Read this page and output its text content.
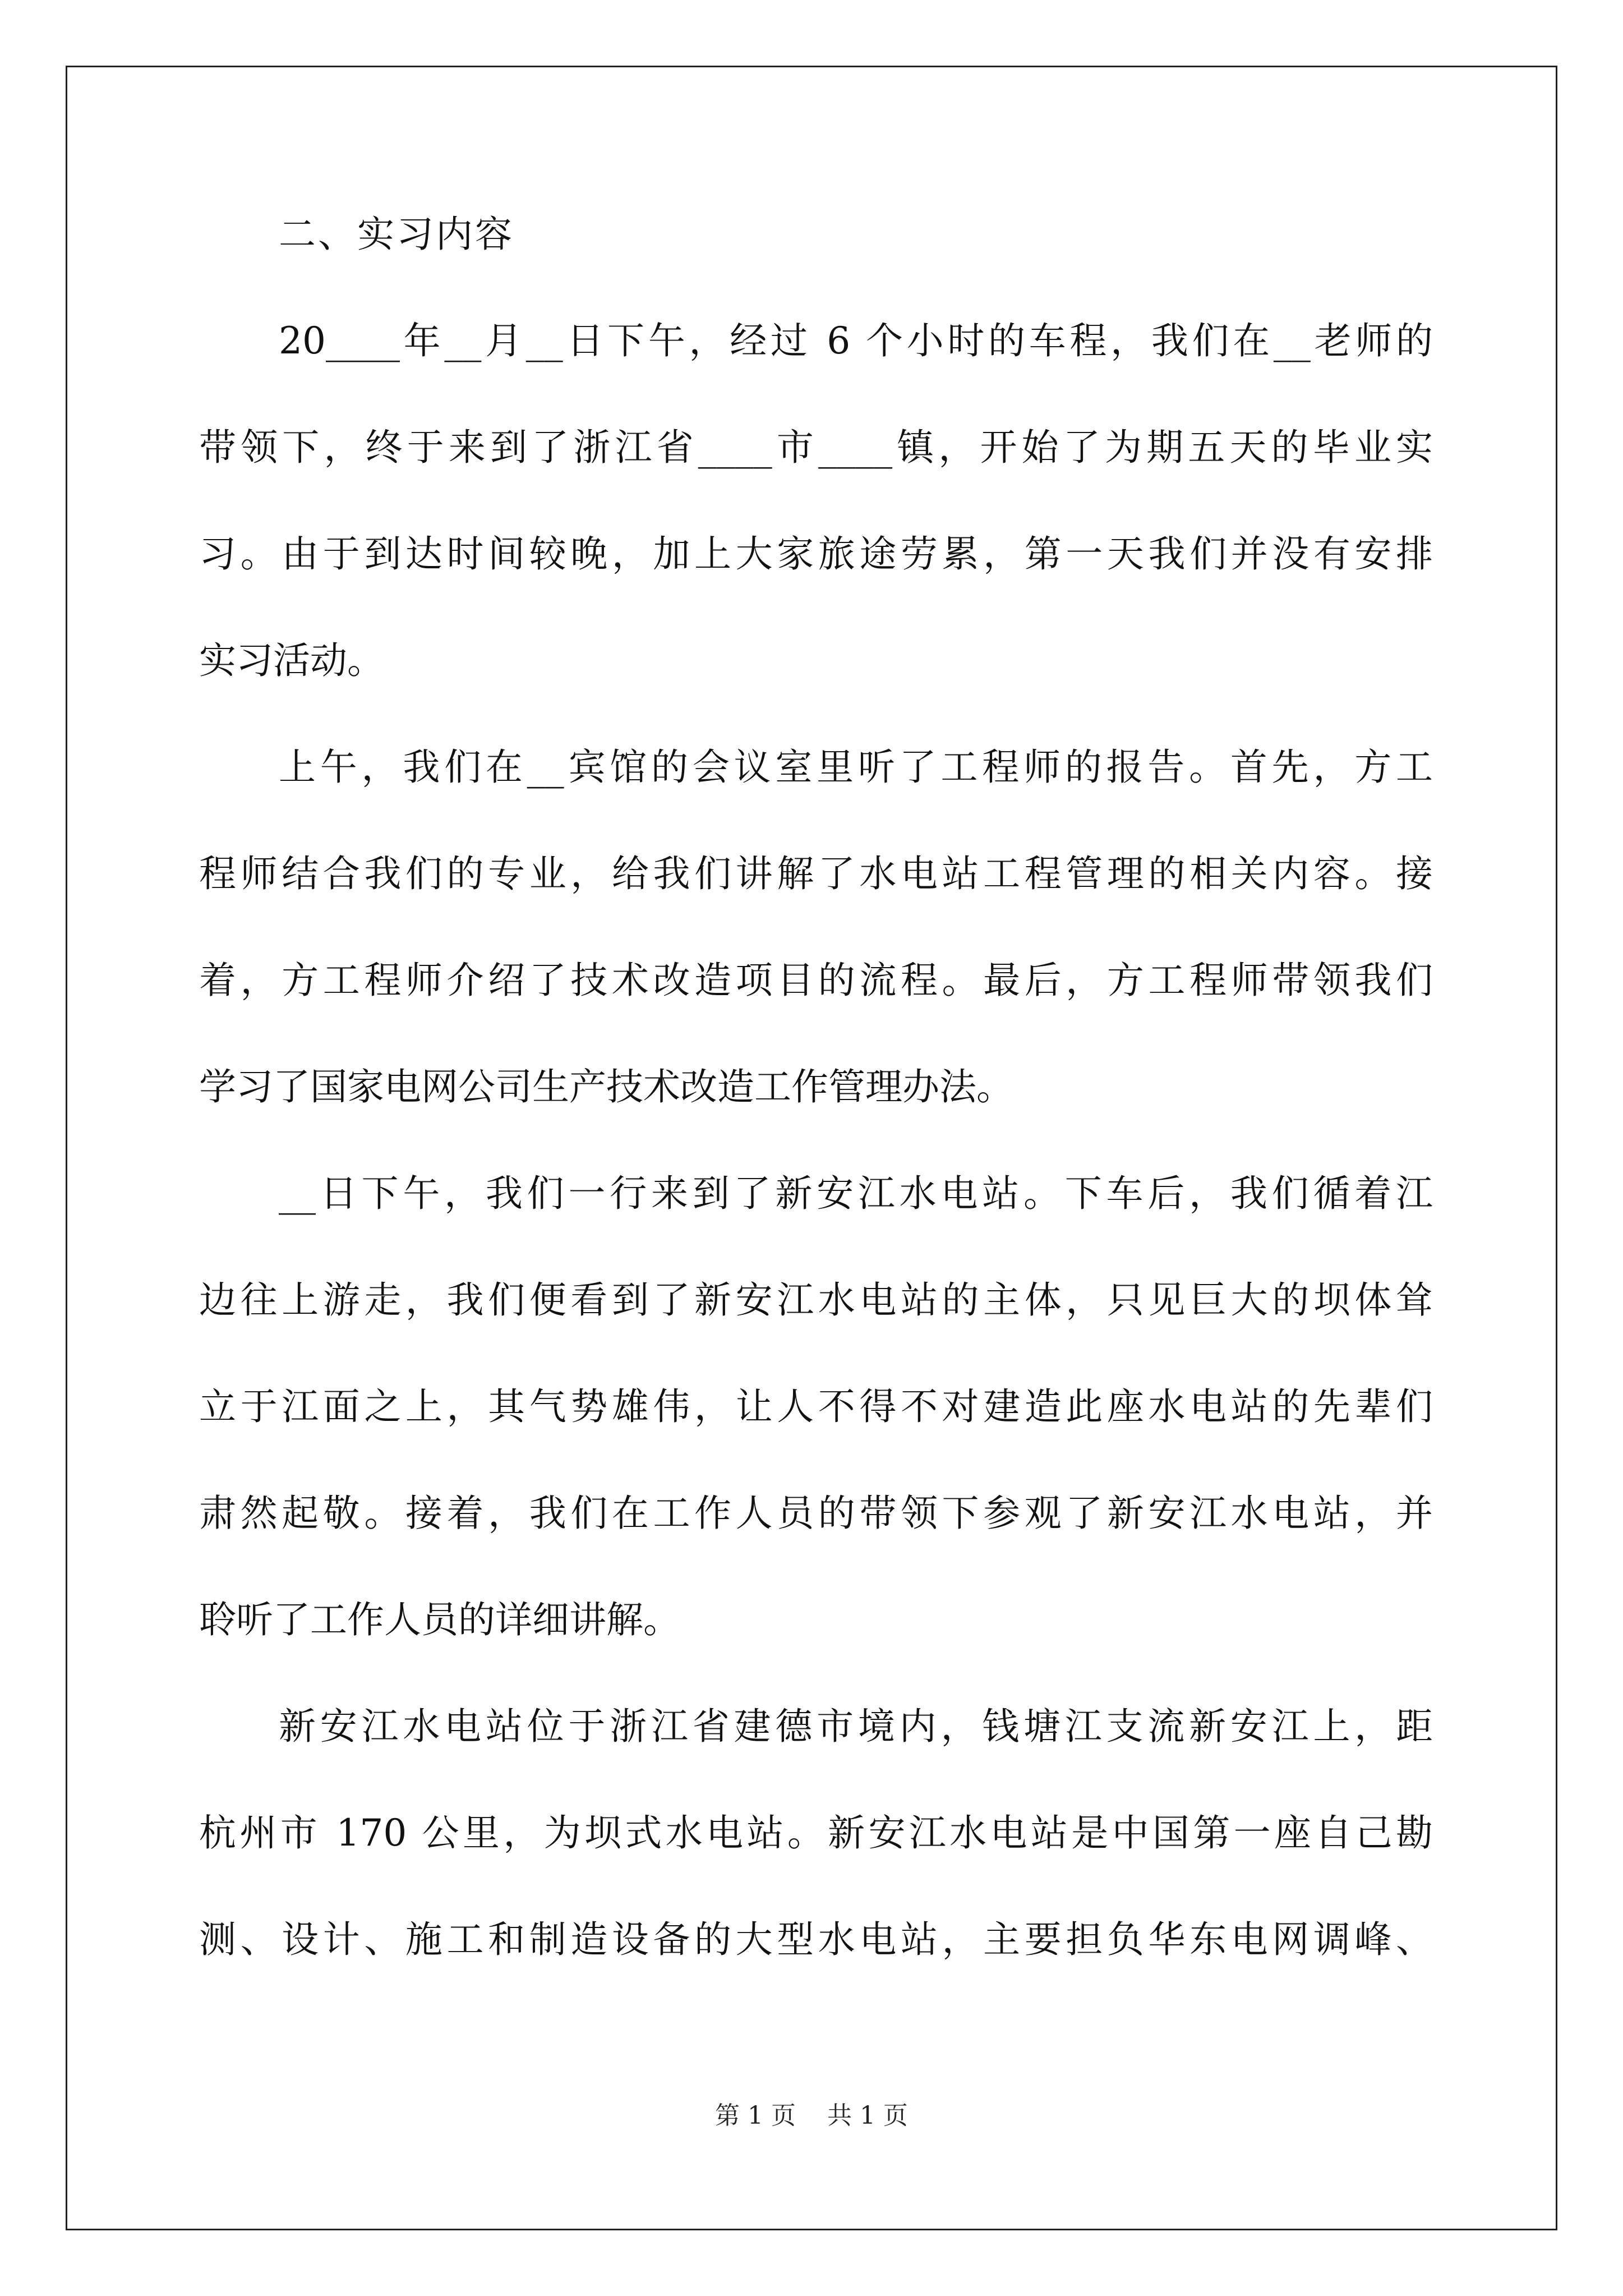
二、实习内容
20____年__月__日下午，经过 6 个小时的车程，我们在__老师的
带领下，终于来到了浙江省____市____镇，开始了为期五天的毕业实
习。由于到达时间较晚，加上大家旅途劳累，第一天我们并没有安排
实习活动。
上午，我们在__宾馆的会议室里听了工程师的报告。首先，方工
程师结合我们的专业，给我们讲解了水电站工程管理的相关内容。接
着，方工程师介绍了技术改造项目的流程。最后，方工程师带领我们
学习了国家电网公司生产技术改造工作管理办法。
__日下午，我们一行来到了新安江水电站。下车后，我们循着江
边往上游走，我们便看到了新安江水电站的主体，只见巨大的坝体耸
立于江面之上，其气势雄伟，让人不得不对建造此座水电站的先辈们
肃然起敬。接着，我们在工作人员的带领下参观了新安江水电站，并
聆听了工作人员的详细讲解。
新安江水电站位于浙江省建德市境内，钱塘江支流新安江上，距
杭州市 170 公里，为坝式水电站。新安江水电站是中国第一座自己勘
测、设计、施工和制造设备的大型水电站，主要担负华东电网调峰、
第 1 页    共 1 页
